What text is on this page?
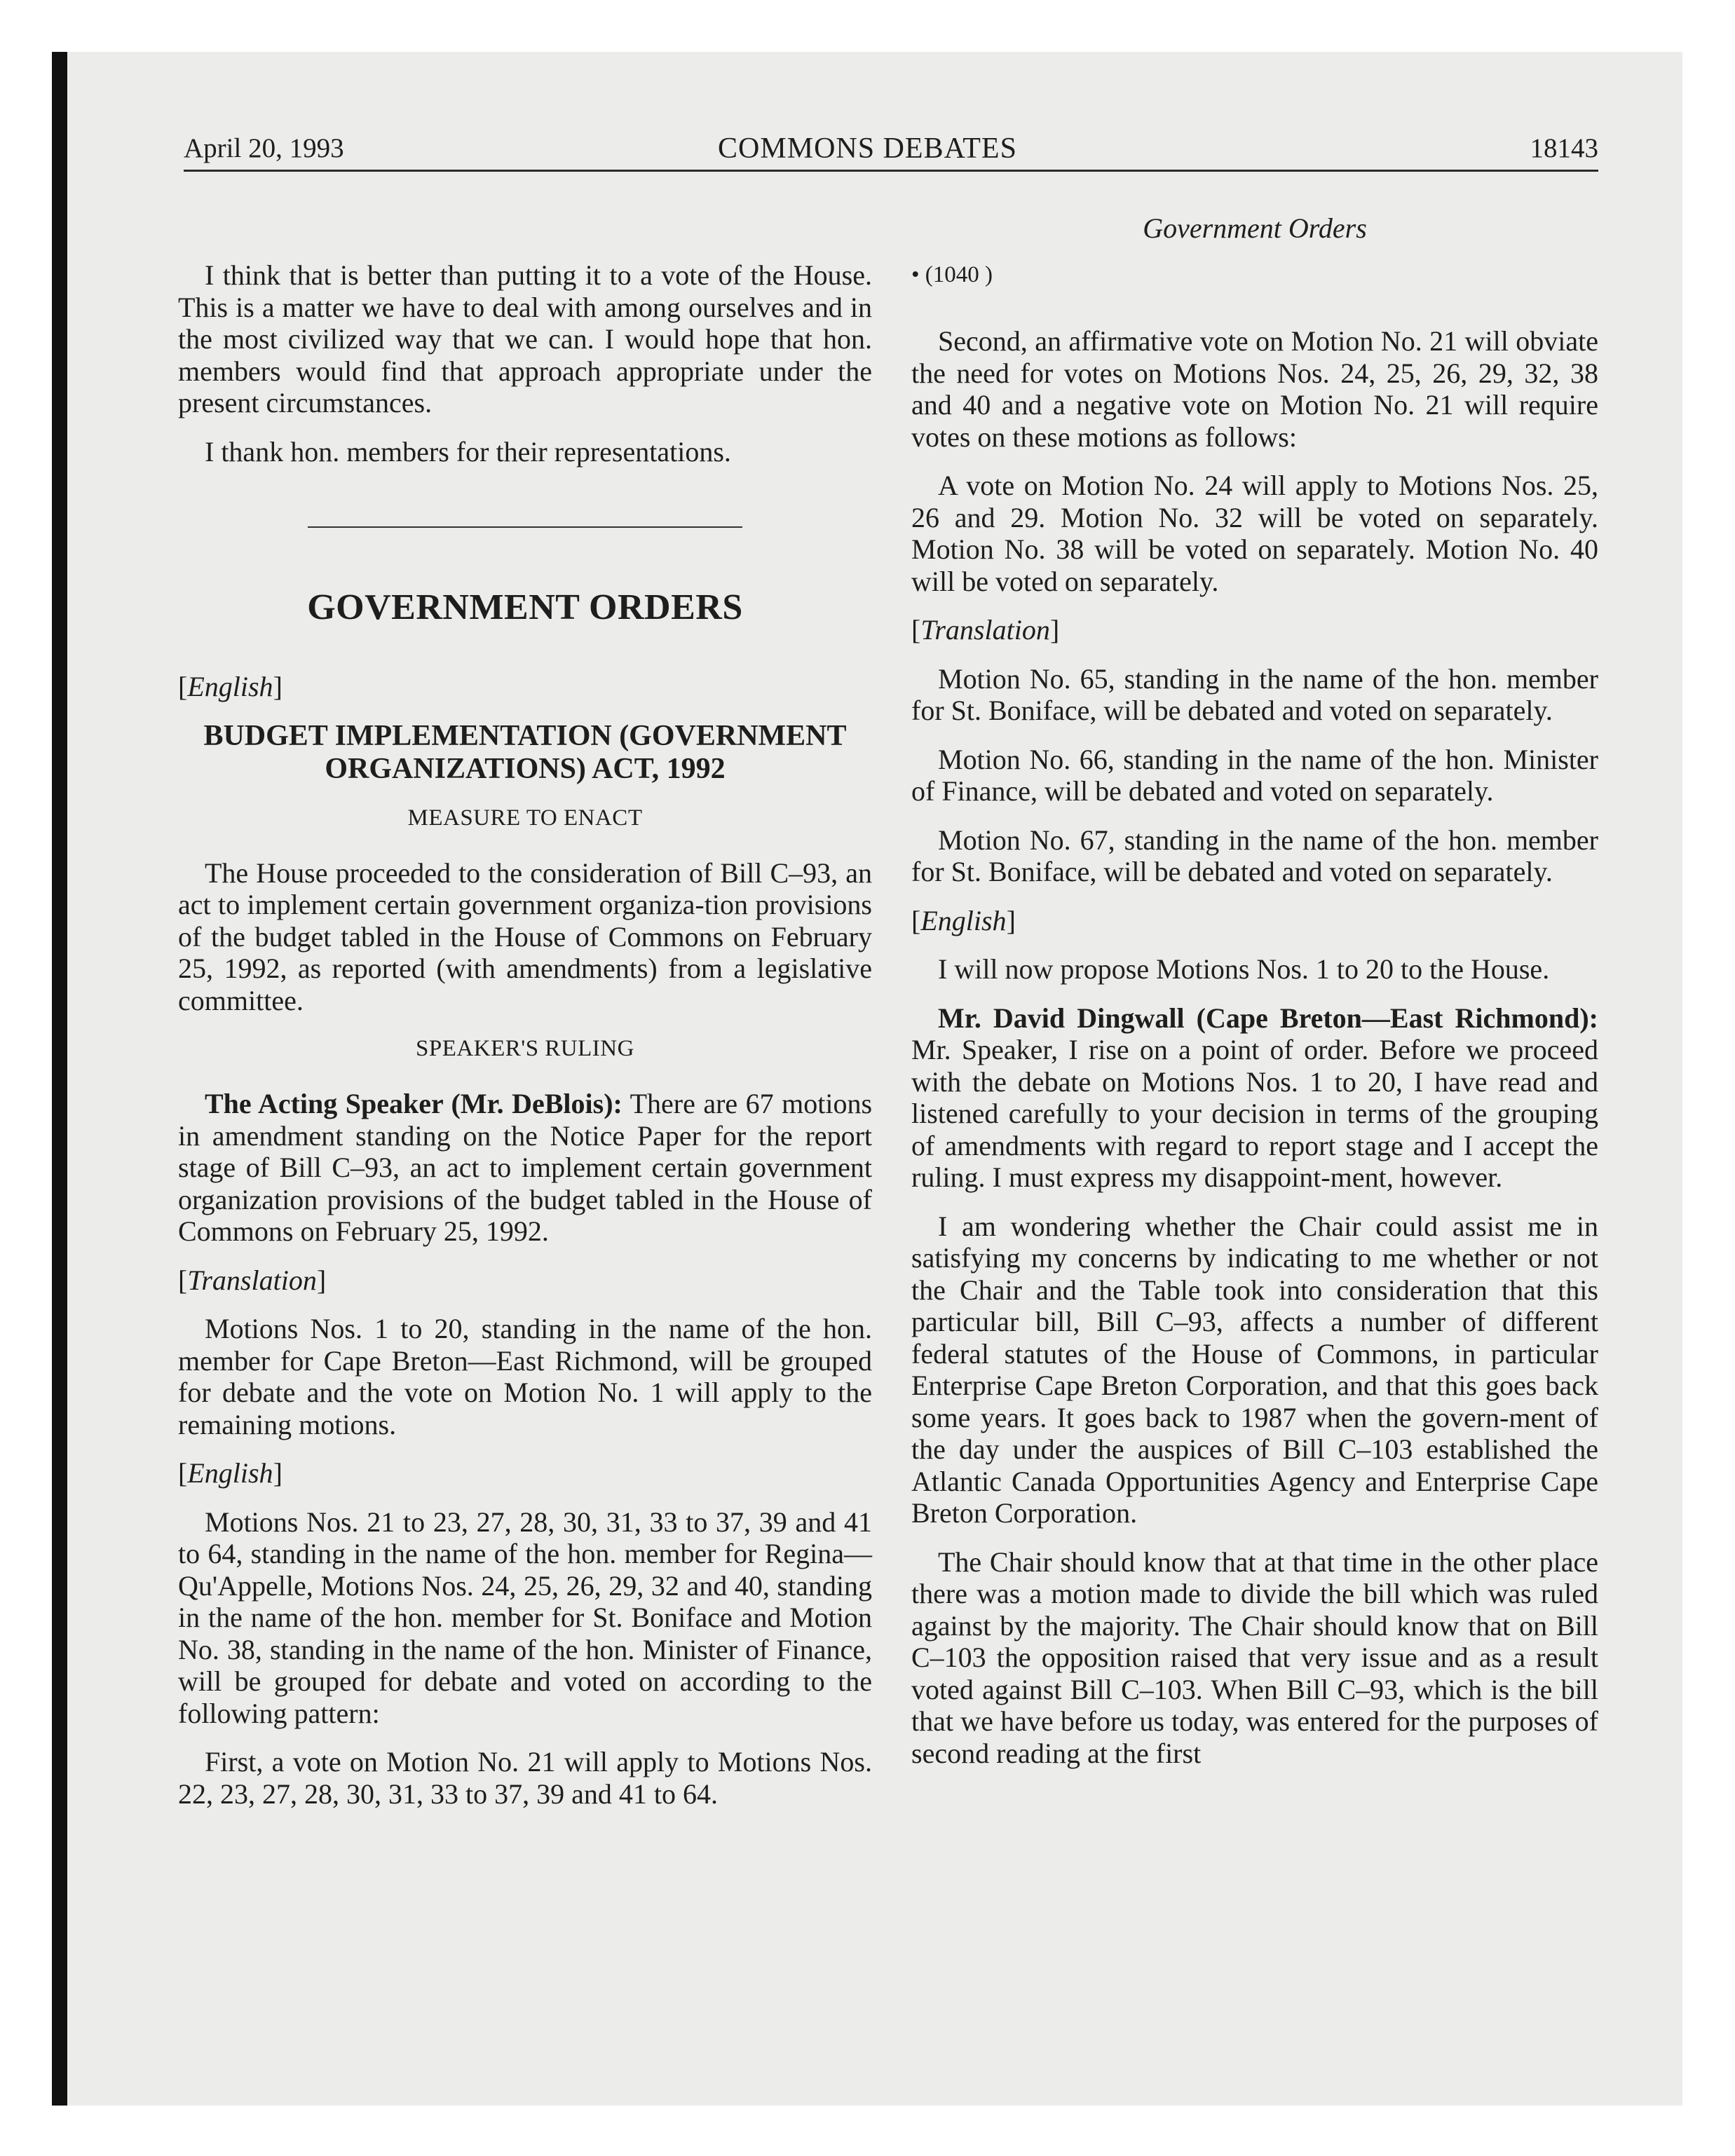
April 20, 1993	COMMONS DEBATES	18143
Government Orders

I think that is better than putting it to a vote of the House. This is a matter we have to deal with among ourselves and in the most civilized way that we can. I would hope that hon. members would find that approach appropriate under the present circumstances.

I thank hon. members for their representations.

GOVERNMENT ORDERS

[English]

BUDGET IMPLEMENTATION (GOVERNMENT ORGANIZATIONS) ACT, 1992
MEASURE TO ENACT

The House proceeded to the consideration of Bill C–93, an act to implement certain government organiza-tion provisions of the budget tabled in the House of Commons on February 25, 1992, as reported (with amendments) from a legislative committee.

SPEAKER'S RULING

The Acting Speaker (Mr. DeBlois): There are 67 motions in amendment standing on the Notice Paper for the report stage of Bill C–93, an act to implement certain government organization provisions of the budget tabled in the House of Commons on February 25, 1992.

[Translation]

Motions Nos. 1 to 20, standing in the name of the hon. member for Cape Breton—East Richmond, will be grouped for debate and the vote on Motion No. 1 will apply to the remaining motions.

[English]

Motions Nos. 21 to 23, 27, 28, 30, 31, 33 to 37, 39 and 41 to 64, standing in the name of the hon. member for Regina—Qu'Appelle, Motions Nos. 24, 25, 26, 29, 32 and 40, standing in the name of the hon. member for St. Boniface and Motion No. 38, standing in the name of the hon. Minister of Finance, will be grouped for debate and voted on according to the following pattern:

First, a vote on Motion No. 21 will apply to Motions Nos. 22, 23, 27, 28, 30, 31, 33 to 37, 39 and 41 to 64.

• (1040 )

Second, an affirmative vote on Motion No. 21 will obviate the need for votes on Motions Nos. 24, 25, 26, 29, 32, 38 and 40 and a negative vote on Motion No. 21 will require votes on these motions as follows:

A vote on Motion No. 24 will apply to Motions Nos. 25, 26 and 29. Motion No. 32 will be voted on separately. Motion No. 38 will be voted on separately. Motion No. 40 will be voted on separately.

[Translation]

Motion No. 65, standing in the name of the hon. member for St. Boniface, will be debated and voted on separately.

Motion No. 66, standing in the name of the hon. Minister of Finance, will be debated and voted on separately.

Motion No. 67, standing in the name of the hon. member for St. Boniface, will be debated and voted on separately.

[English]

I will now propose Motions Nos. 1 to 20 to the House.

Mr. David Dingwall (Cape Breton—East Richmond): Mr. Speaker, I rise on a point of order. Before we proceed with the debate on Motions Nos. 1 to 20, I have read and listened carefully to your decision in terms of the grouping of amendments with regard to report stage and I accept the ruling. I must express my disappoint-ment, however.

I am wondering whether the Chair could assist me in satisfying my concerns by indicating to me whether or not the Chair and the Table took into consideration that this particular bill, Bill C–93, affects a number of different federal statutes of the House of Commons, in particular Enterprise Cape Breton Corporation, and that this goes back some years. It goes back to 1987 when the govern-ment of the day under the auspices of Bill C–103 established the Atlantic Canada Opportunities Agency and Enterprise Cape Breton Corporation.

The Chair should know that at that time in the other place there was a motion made to divide the bill which was ruled against by the majority. The Chair should know that on Bill C–103 the opposition raised that very issue and as a result voted against Bill C–103. When Bill C–93, which is the bill that we have before us today, was entered for the purposes of second reading at the first
